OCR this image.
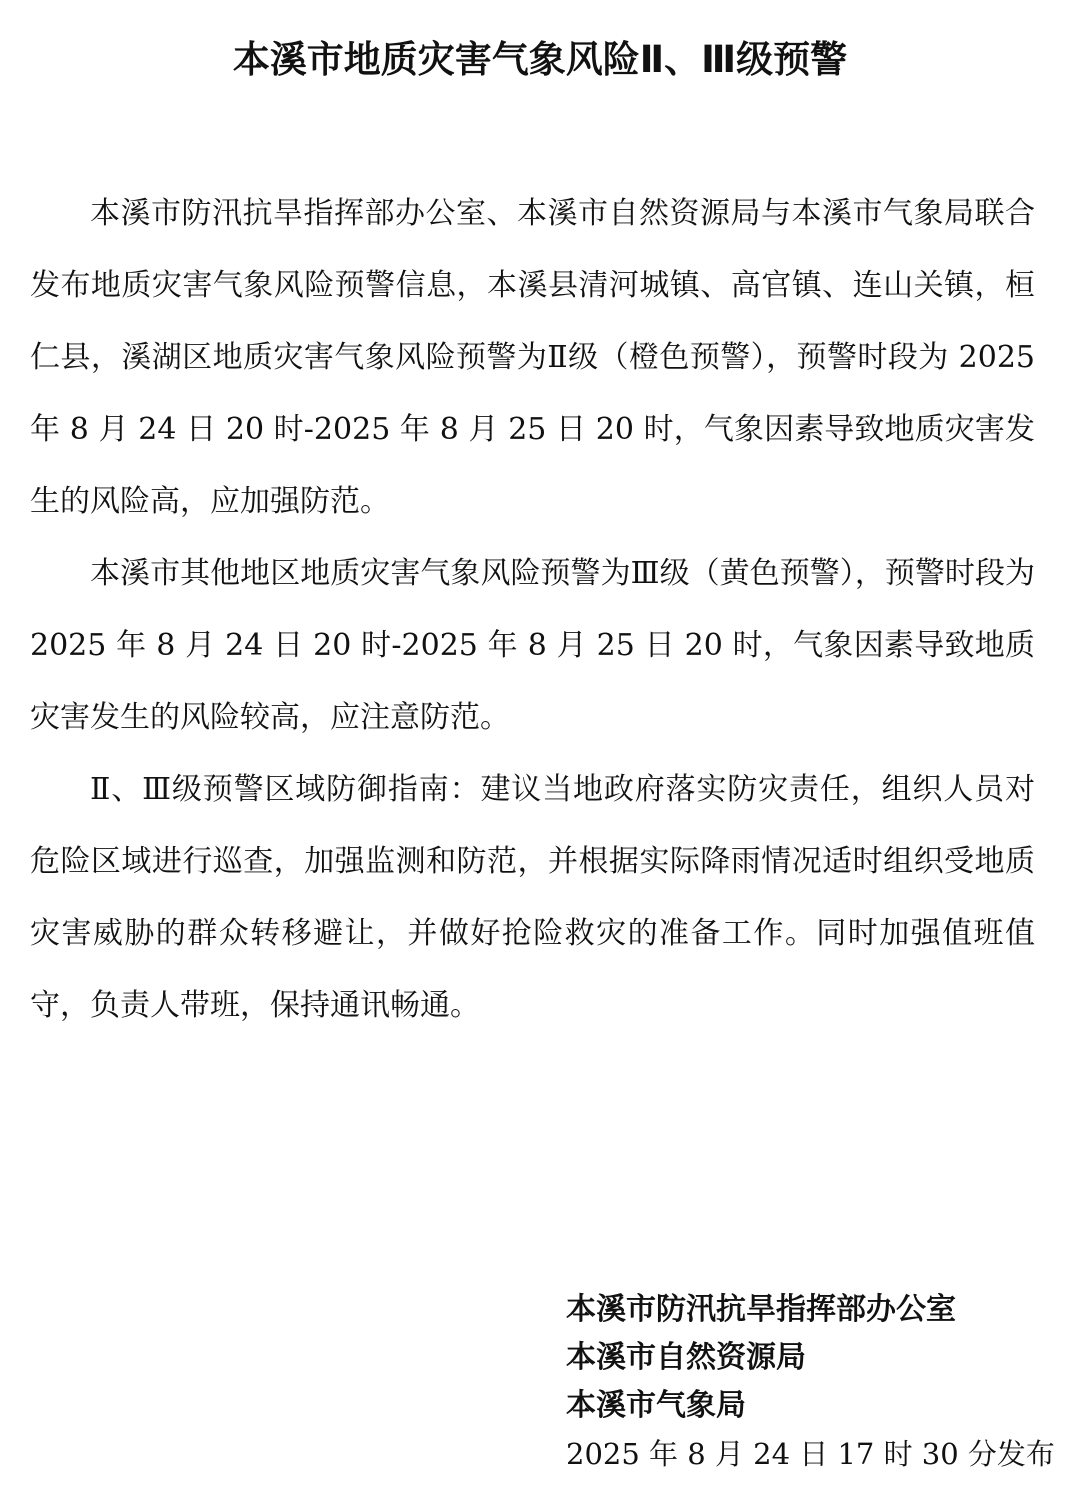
本溪市地质灾害气象风险Ⅱ、Ⅲ级预警

本溪市防汛抗旱指挥部办公室、本溪市自然资源局与本溪市气象局联合发布地质灾害气象风险预警信息，本溪县清河城镇、高官镇、连山关镇，桓仁县，溪湖区地质灾害气象风险预警为Ⅱ级（橙色预警），预警时段为 2025 年 8 月 24 日 20 时-2025 年 8 月 25 日 20 时，气象因素导致地质灾害发生的风险高，应加强防范。

本溪市其他地区地质灾害气象风险预警为Ⅲ级（黄色预警），预警时段为 2025 年 8 月 24 日 20 时-2025 年 8 月 25 日 20 时，气象因素导致地质灾害发生的风险较高，应注意防范。

Ⅱ、Ⅲ级预警区域防御指南：建议当地政府落实防灾责任，组织人员对危险区域进行巡查，加强监测和防范，并根据实际降雨情况适时组织受地质灾害威胁的群众转移避让，并做好抢险救灾的准备工作。同时加强值班值守，负责人带班，保持通讯畅通。

本溪市防汛抗旱指挥部办公室
本溪市自然资源局
本溪市气象局
2025 年 8 月 24 日 17 时 30 分发布
